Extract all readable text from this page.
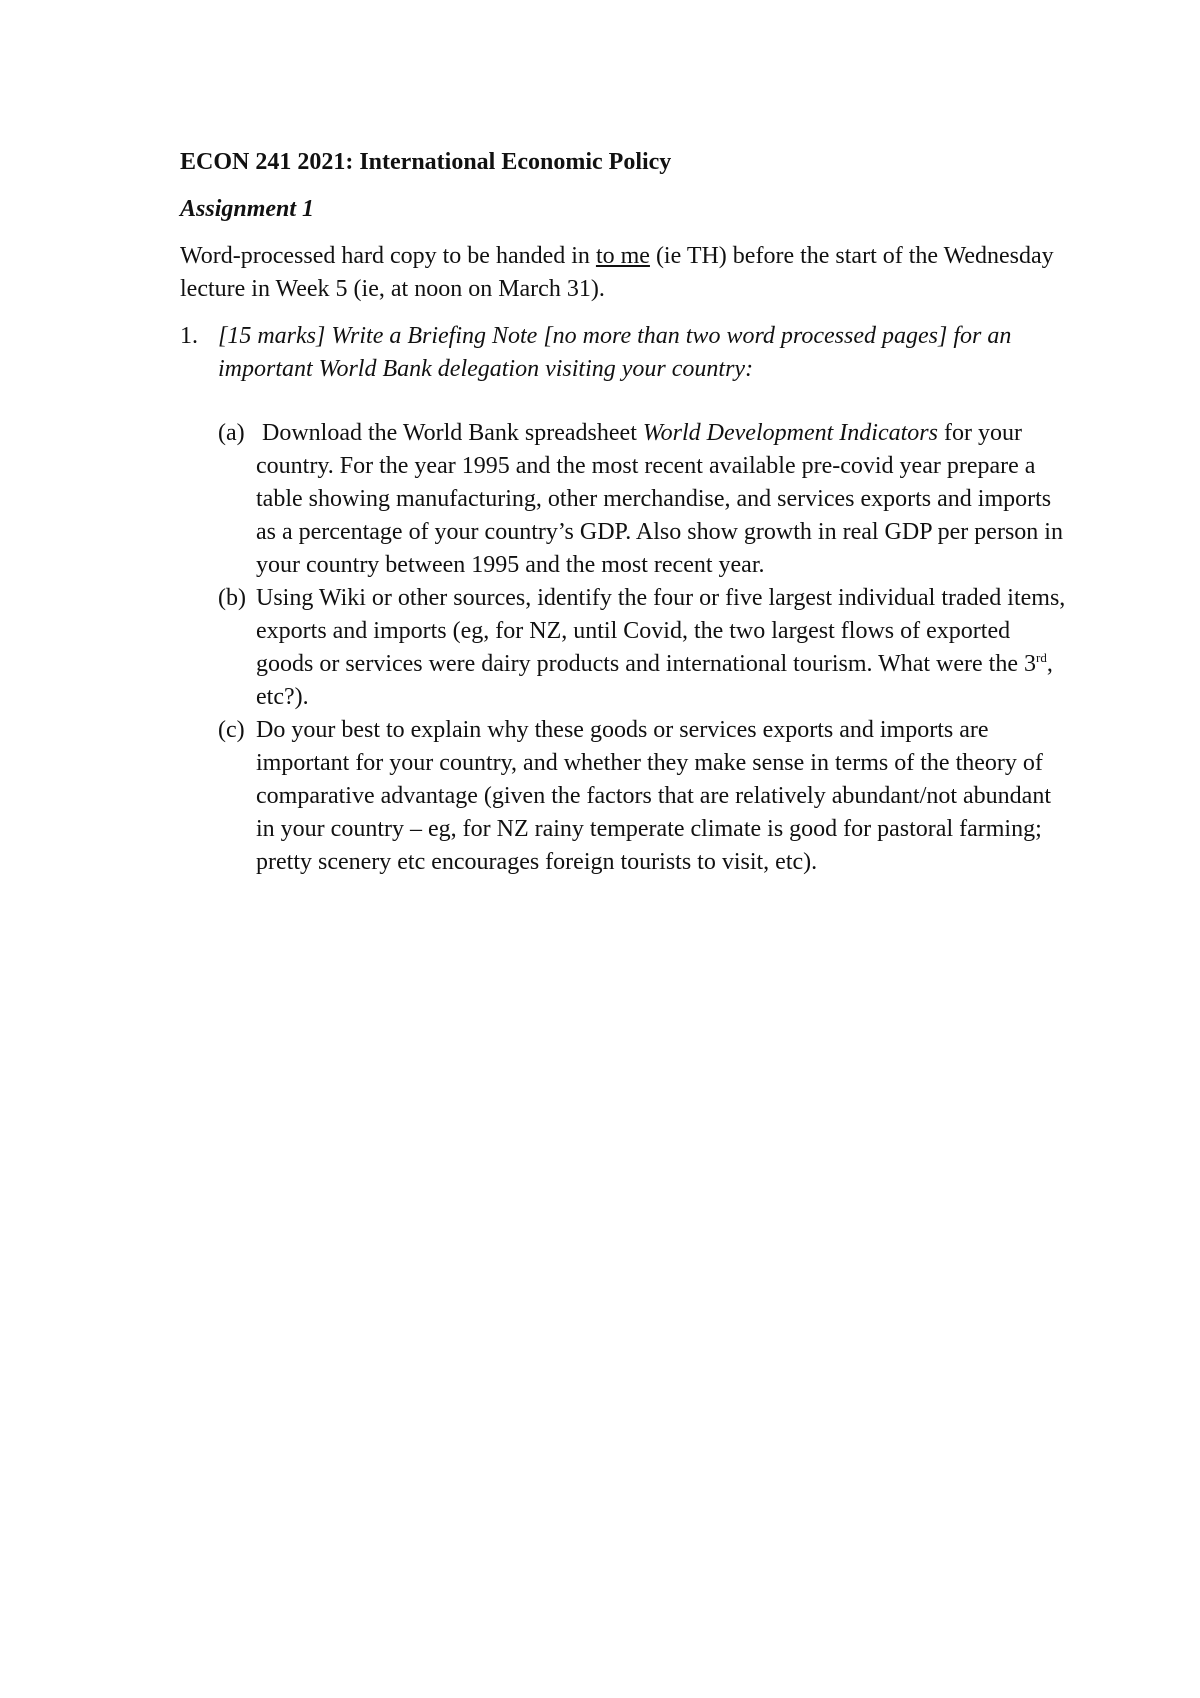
ECON 241 2021: International Economic Policy

Assignment 1

Word-processed hard copy to be handed in to me (ie TH) before the start of the Wednesday lecture in Week 5 (ie, at noon on March 31).

1. [15 marks] Write a Briefing Note [no more than two word processed pages] for an important World Bank delegation visiting your country:

(a) Download the World Bank spreadsheet World Development Indicators for your country. For the year 1995 and the most recent available pre-covid year prepare a table showing manufacturing, other merchandise, and services exports and imports as a percentage of your country’s GDP. Also show growth in real GDP per person in your country between 1995 and the most recent year.

(b) Using Wiki or other sources, identify the four or five largest individual traded items, exports and imports (eg, for NZ, until Covid, the two largest flows of exported goods or services were dairy products and international tourism. What were the 3rd, etc?).

(c) Do your best to explain why these goods or services exports and imports are important for your country, and whether they make sense in terms of the theory of comparative advantage (given the factors that are relatively abundant/not abundant in your country – eg, for NZ rainy temperate climate is good for pastoral farming; pretty scenery etc encourages foreign tourists to visit, etc).
